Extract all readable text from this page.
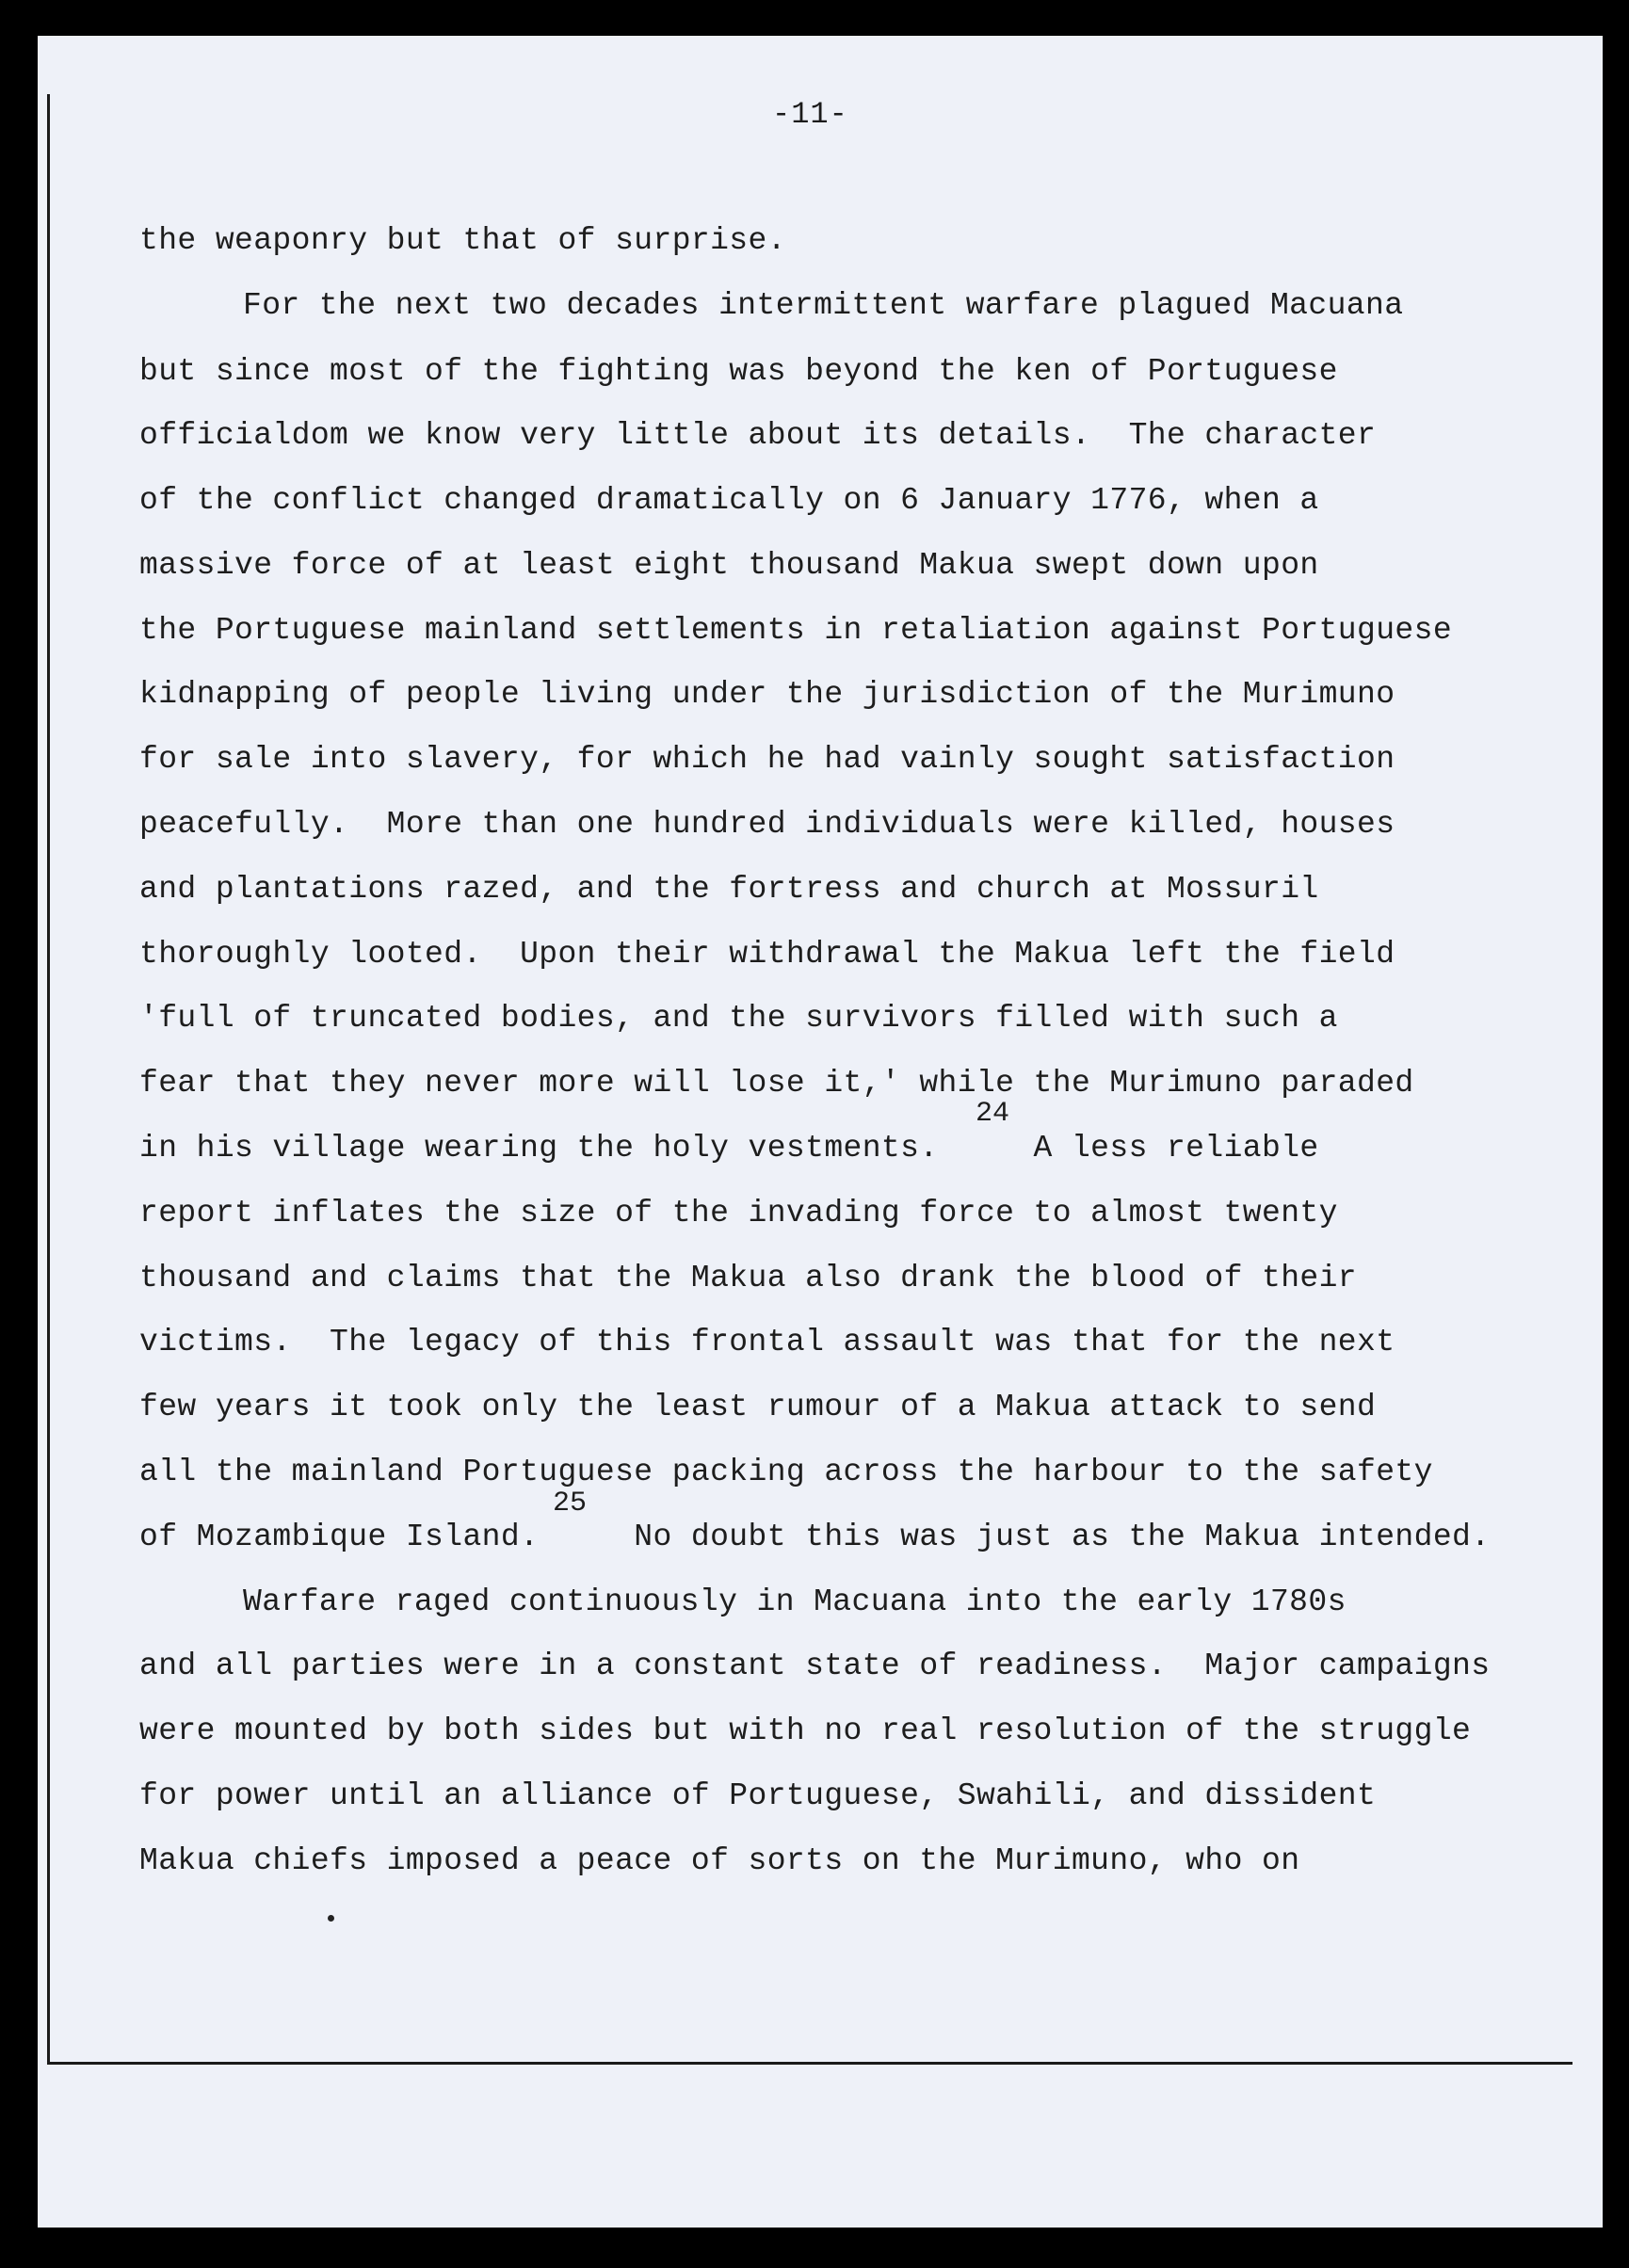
-11-
the weaponry but that of surprise.
For the next two decades intermittent warfare plagued Macuana
but since most of the fighting was beyond the ken of Portuguese
officialdom we know very little about its details.  The character
of the conflict changed dramatically on 6 January 1776, when a
massive force of at least eight thousand Makua swept down upon
the Portuguese mainland settlements in retaliation against Portuguese
kidnapping of people living under the jurisdiction of the Murimuno
for sale into slavery, for which he had vainly sought satisfaction
peacefully.  More than one hundred individuals were killed, houses
and plantations razed, and the fortress and church at Mossuril
thoroughly looted.  Upon their withdrawal the Makua left the field
'full of truncated bodies, and the survivors filled with such a
fear that they never more will lose it,' while the Murimuno paraded
24
in his village wearing the holy vestments.     A less reliable
report inflates the size of the invading force to almost twenty
thousand and claims that the Makua also drank the blood of their
victims.  The legacy of this frontal assault was that for the next
few years it took only the least rumour of a Makua attack to send
all the mainland Portuguese packing across the harbour to the safety
25
of Mozambique Island.     No doubt this was just as the Makua intended.
Warfare raged continuously in Macuana into the early 1780s
and all parties were in a constant state of readiness.  Major campaigns
were mounted by both sides but with no real resolution of the struggle
for power until an alliance of Portuguese, Swahili, and dissident
Makua chiefs imposed a peace of sorts on the Murimuno, who on
